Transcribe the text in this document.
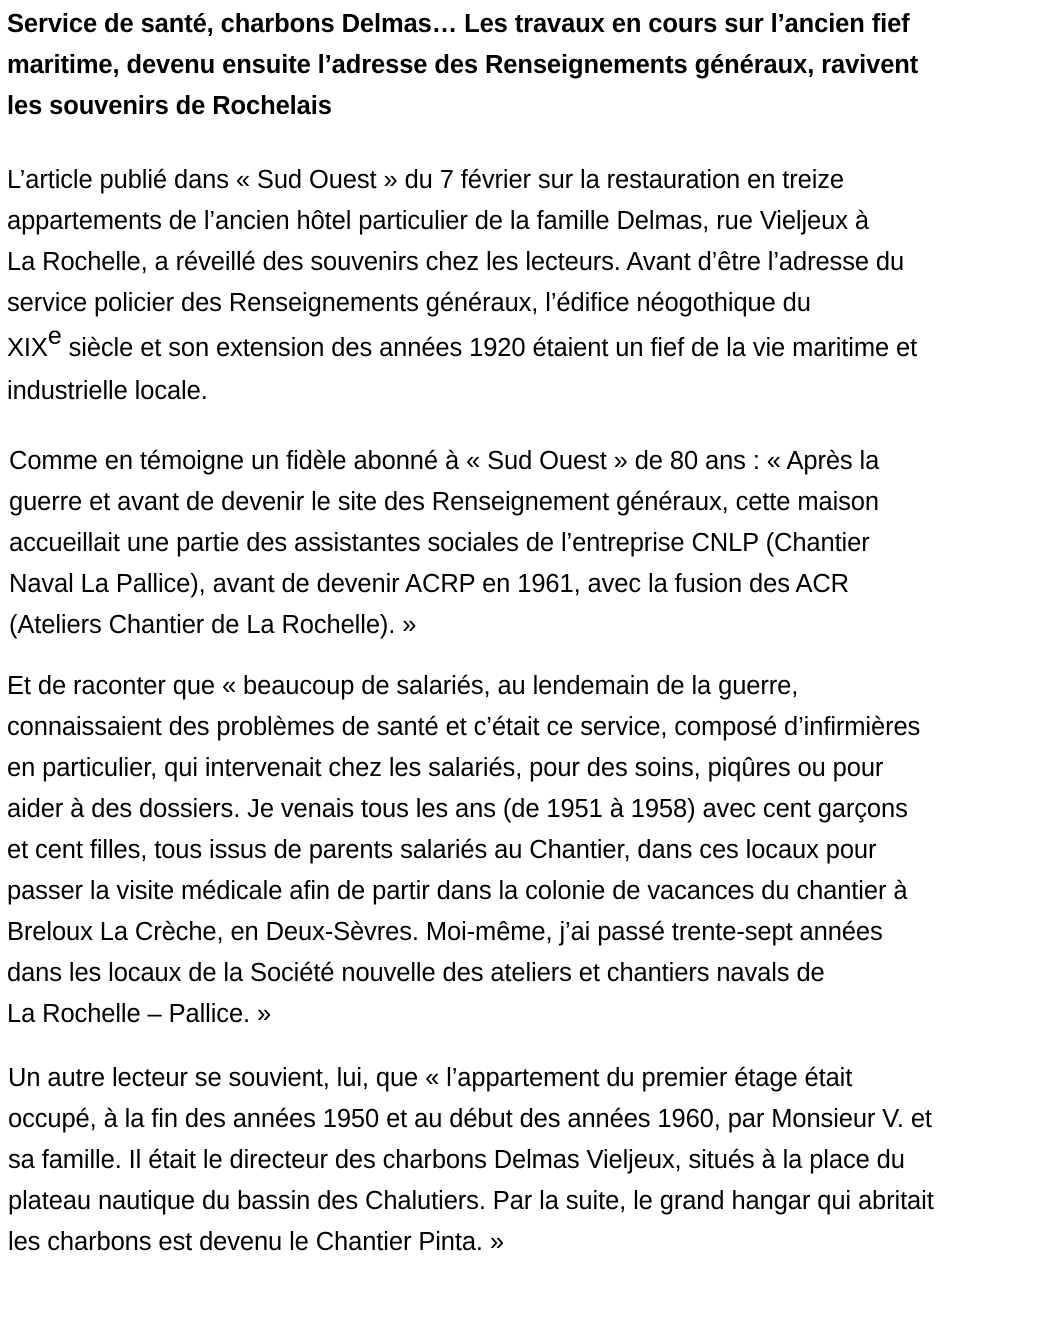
Service de santé, charbons Delmas… Les travaux en cours sur l’ancien fief
maritime, devenu ensuite l’adresse des Renseignements généraux, ravivent
les souvenirs de Rochelais

L’article publié dans « Sud Ouest » du 7 février sur la restauration en treize
appartements de l’ancien hôtel particulier de la famille Delmas, rue Vieljeux à
La Rochelle, a réveillé des souvenirs chez les lecteurs. Avant d’être l’adresse du
service policier des Renseignements généraux, l’édifice néogothique du
XIXe siècle et son extension des années 1920 étaient un fief de la vie maritime et
industrielle locale.

Comme en témoigne un fidèle abonné à « Sud Ouest » de 80 ans : « Après la
guerre et avant de devenir le site des Renseignement généraux, cette maison
accueillait une partie des assistantes sociales de l’entreprise CNLP (Chantier
Naval La Pallice), avant de devenir ACRP en 1961, avec la fusion des ACR
(Ateliers Chantier de La Rochelle). »

Et de raconter que « beaucoup de salariés, au lendemain de la guerre,
connaissaient des problèmes de santé et c’était ce service, composé d’infirmières
en particulier, qui intervenait chez les salariés, pour des soins, piqûres ou pour
aider à des dossiers. Je venais tous les ans (de 1951 à 1958) avec cent garçons
et cent filles, tous issus de parents salariés au Chantier, dans ces locaux pour
passer la visite médicale afin de partir dans la colonie de vacances du chantier à
Breloux La Crèche, en Deux-Sèvres. Moi-même, j’ai passé trente-sept années
dans les locaux de la Société nouvelle des ateliers et chantiers navals de
La Rochelle – Pallice. »

Un autre lecteur se souvient, lui, que « l’appartement du premier étage était
occupé, à la fin des années 1950 et au début des années 1960, par Monsieur V. et
sa famille. Il était le directeur des charbons Delmas Vieljeux, situés à la place du
plateau nautique du bassin des Chalutiers. Par la suite, le grand hangar qui abritait
les charbons est devenu le Chantier Pinta. »
